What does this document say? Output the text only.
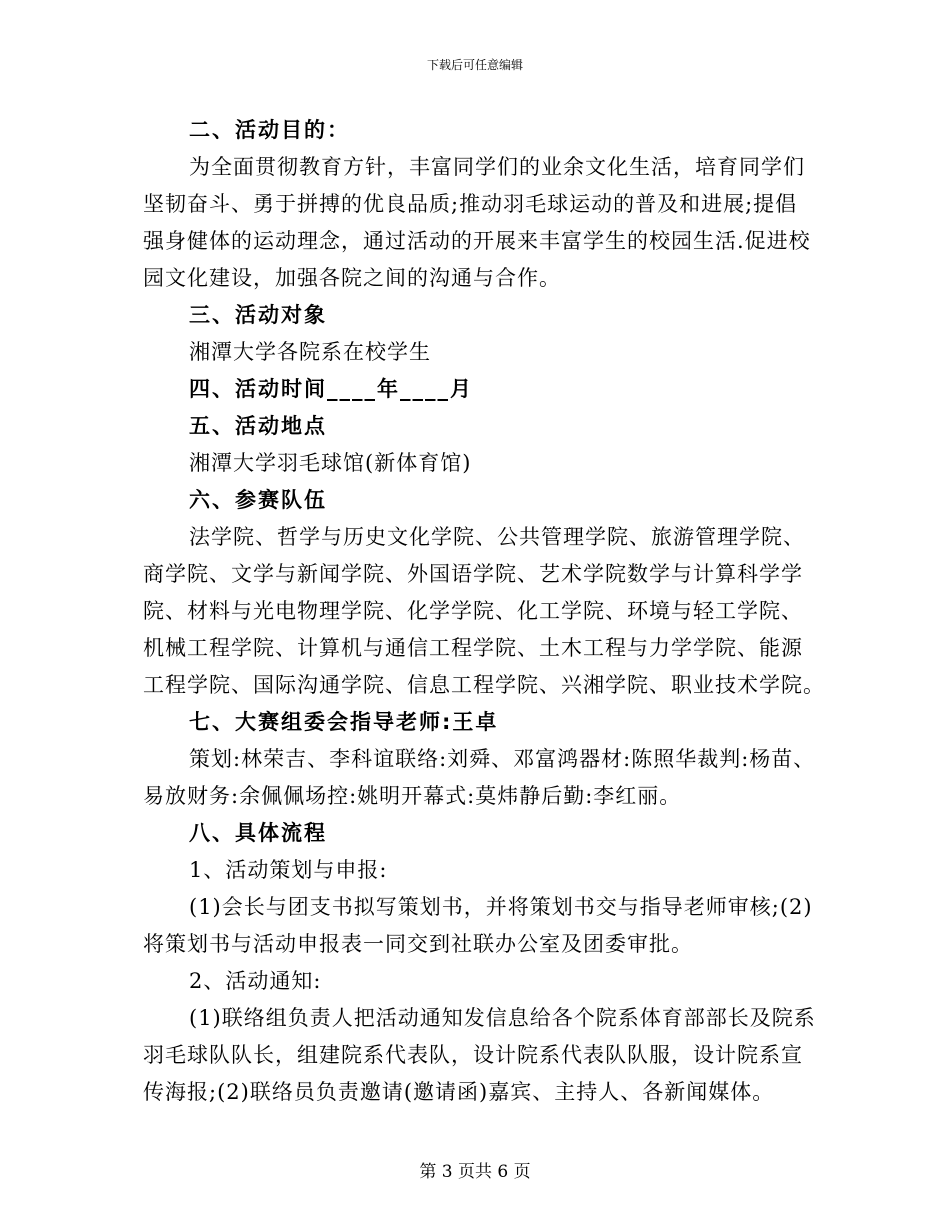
下载后可任意编辑
二、活动目的：
为全面贯彻教育方针，丰富同学们的业余文化生活，培育同学们
坚韧奋斗、勇于拼搏的优良品质;推动羽毛球运动的普及和进展;提倡
强身健体的运动理念，通过活动的开展来丰富学生的校园生活.促进校
园文化建设，加强各院之间的沟通与合作。
三、活动对象
湘潭大学各院系在校学生
四、活动时间____年____月
五、活动地点
湘潭大学羽毛球馆(新体育馆)
六、参赛队伍
法学院、哲学与历史文化学院、公共管理学院、旅游管理学院、
商学院、文学与新闻学院、外国语学院、艺术学院数学与计算科学学
院、材料与光电物理学院、化学学院、化工学院、环境与轻工学院、
机械工程学院、计算机与通信工程学院、土木工程与力学学院、能源
工程学院、国际沟通学院、信息工程学院、兴湘学院、职业技术学院。
七、大赛组委会指导老师:王卓
策划:林荣吉、李科谊联络:刘舜、邓富鸿器材:陈照华裁判:杨苗、
易放财务:余佩佩场控:姚明开幕式:莫炜静后勤:李红丽。
八、具体流程
1、活动策划与申报:
(1)会长与团支书拟写策划书，并将策划书交与指导老师审核;(2)
将策划书与活动申报表一同交到社联办公室及团委审批。
2、活动通知:
(1)联络组负责人把活动通知发信息给各个院系体育部部长及院系
羽毛球队队长，组建院系代表队，设计院系代表队队服，设计院系宣
传海报;(2)联络员负责邀请(邀请函)嘉宾、主持人、各新闻媒体。
第 3 页共 6 页
